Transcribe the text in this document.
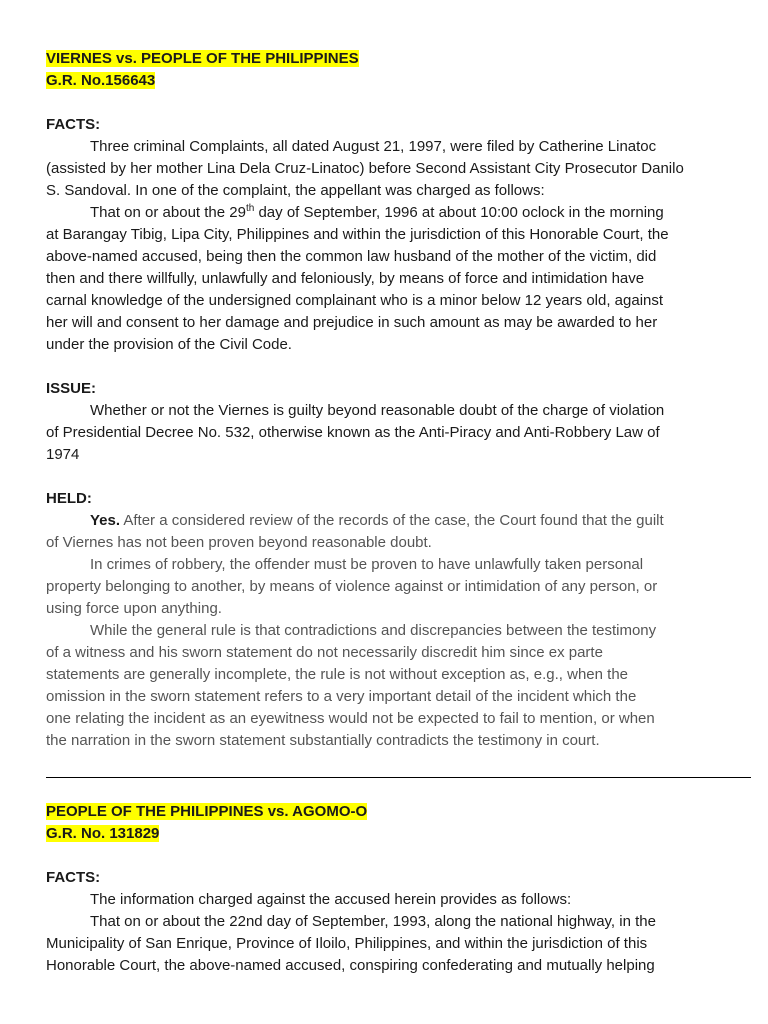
VIERNES vs. PEOPLE OF THE PHILIPPINES
G.R. No.156643
FACTS:
Three criminal Complaints, all dated August 21, 1997, were filed by Catherine Linatoc
(assisted by her mother Lina Dela Cruz-Linatoc) before Second Assistant City Prosecutor Danilo
S. Sandoval. In one of the complaint, the appellant was charged as follows:
That on or about the 29th day of September, 1996 at about 10:00 oclock in the morning
at Barangay Tibig, Lipa City, Philippines and within the jurisdiction of this Honorable Court, the
above-named accused, being then the common law husband of the mother of the victim, did
then and there willfully, unlawfully and feloniously, by means of force and intimidation have
carnal knowledge of the undersigned complainant who is a minor below 12 years old, against
her will and consent to her damage and prejudice in such amount as may be awarded to her
under the provision of the Civil Code.
ISSUE:
Whether or not the Viernes is guilty beyond reasonable doubt of the charge of violation
of Presidential Decree No. 532, otherwise known as the Anti-Piracy and Anti-Robbery Law of
1974
HELD:
Yes. After a considered review of the records of the case, the Court found that the guilt
of Viernes has not been proven beyond reasonable doubt.
In crimes of robbery, the offender must be proven to have unlawfully taken personal
property belonging to another, by means of violence against or intimidation of any person, or
using force upon anything.
While the general rule is that contradictions and discrepancies between the testimony
of a witness and his sworn statement do not necessarily discredit him since ex parte
statements are generally incomplete, the rule is not without exception as, e.g., when the
omission in the sworn statement refers to a very important detail of the incident which the
one relating the incident as an eyewitness would not be expected to fail to mention, or when
the narration in the sworn statement substantially contradicts the testimony in court.
PEOPLE OF THE PHILIPPINES vs. AGOMO-O
G.R. No. 131829
FACTS:
The information charged against the accused herein provides as follows:
That on or about the 22nd day of September, 1993, along the national highway, in the
Municipality of San Enrique, Province of Iloilo, Philippines, and within the jurisdiction of this
Honorable Court, the above-named accused, conspiring confederating and mutually helping
